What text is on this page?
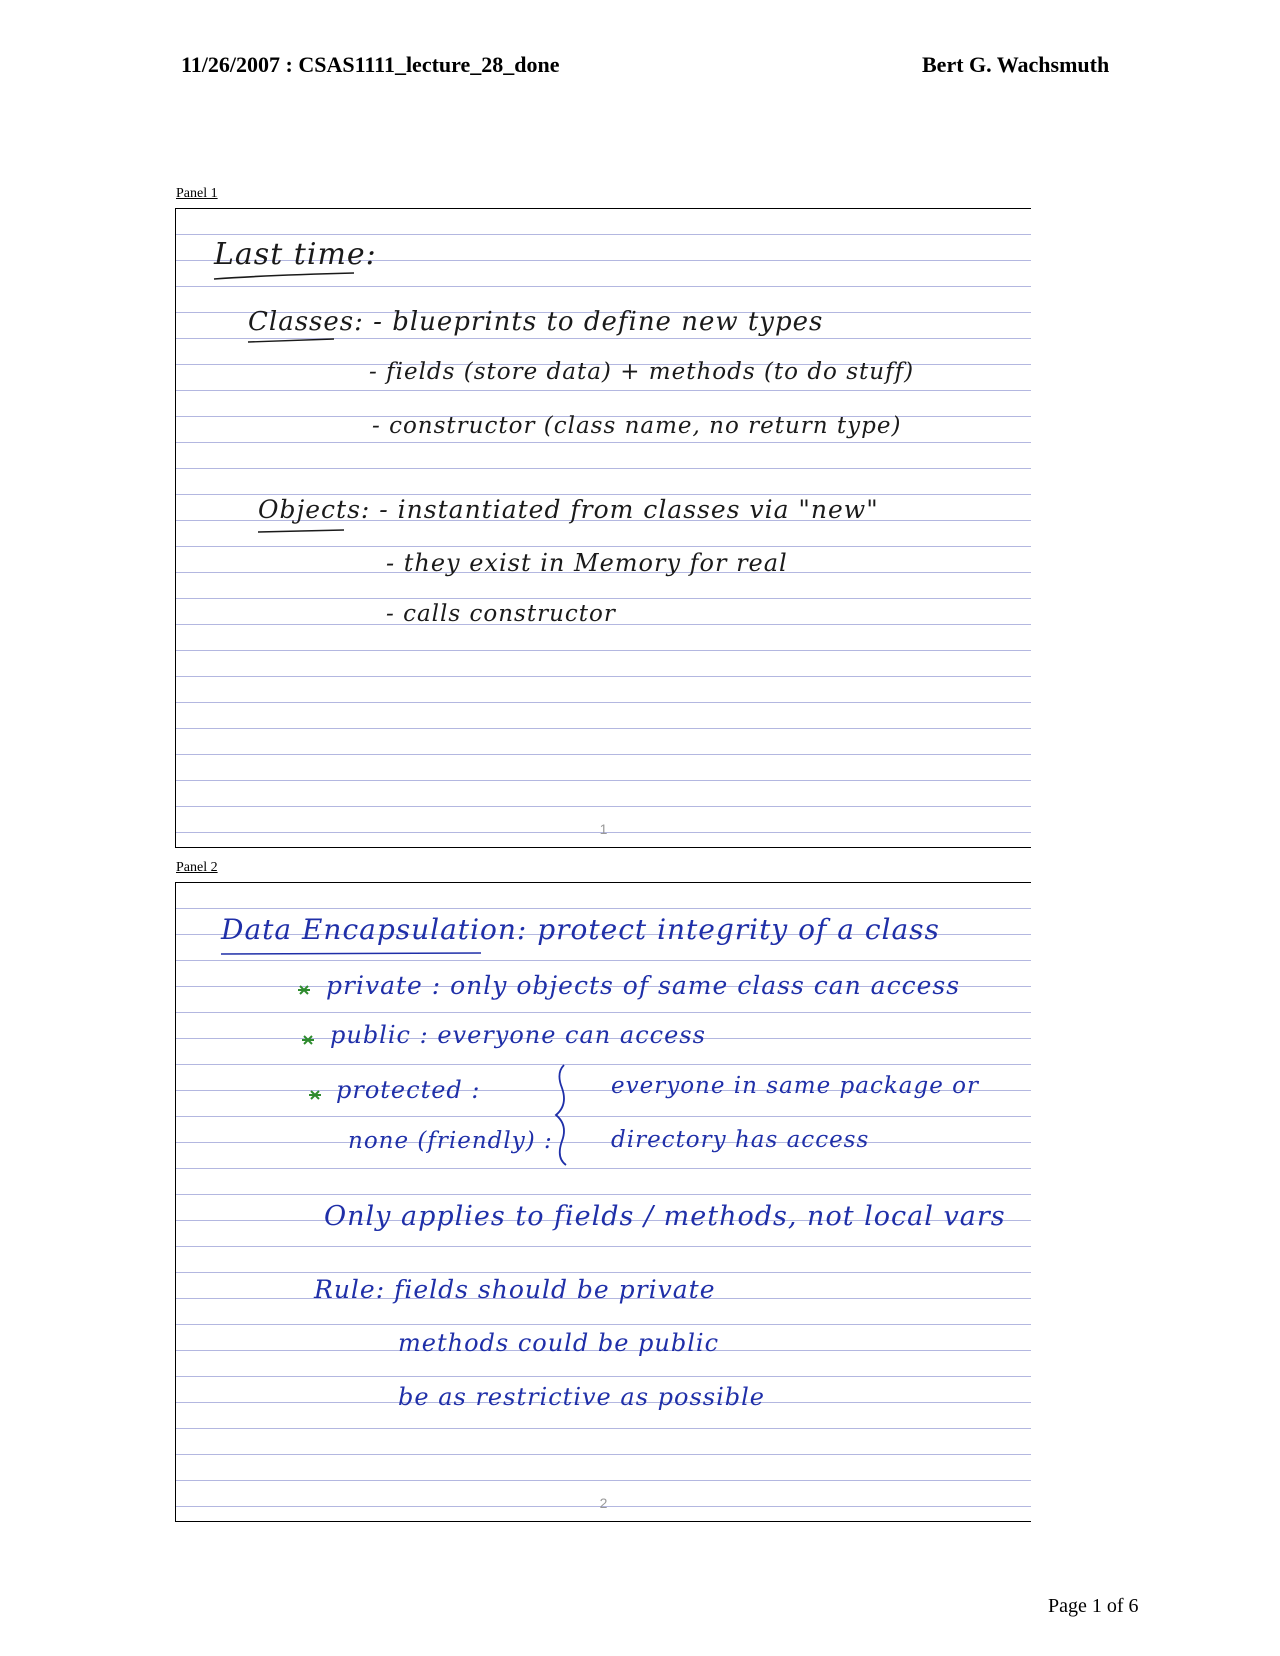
11/26/2007 : CSAS1111_lecture_28_done	Bert G. Wachsmuth
Panel 1
Last time:
Classes: - blueprints to define new types
- fields (store data) + methods (to do stuff)
- constructor (class name, no return type)
Objects: - instantiated from classes via "new"
- they exist in Memory for real
- calls constructor
1
Panel 2
Data Encapsulation: protect integrity of a class
private : only objects of same class can access
public : everyone can access
protected :
none (friendly) :
everyone in same package or
directory has access
Only applies to fields / methods, not local vars
Rule: fields should be private
methods could be public
be as restrictive as possible
2
Page 1 of 6
